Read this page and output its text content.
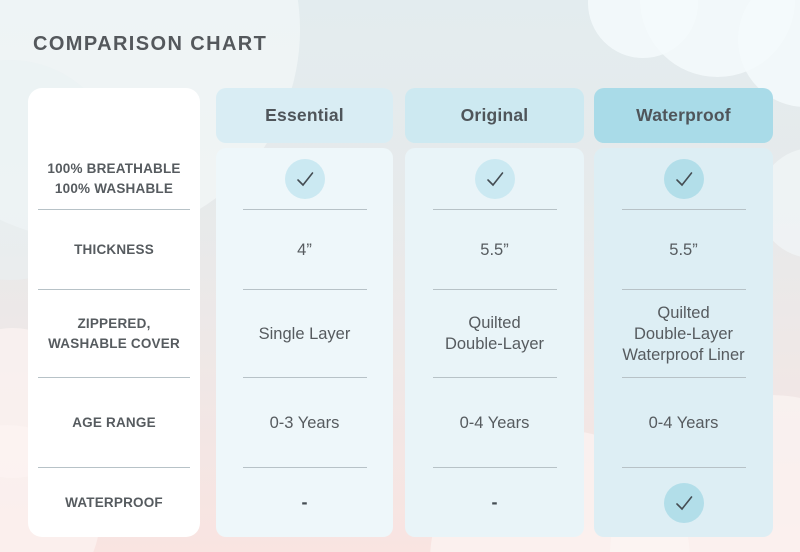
COMPARISON CHART
100% BREATHABLE
100% WASHABLE
THICKNESS
ZIPPERED,
WASHABLE COVER
AGE RANGE
WATERPROOF
Essential
4”
Single Layer
0-3 Years
-
Original
5.5”
Quilted
Double-Layer
0-4 Years
-
Waterproof
5.5”
Quilted
Double-Layer
Waterproof Liner
0-4 Years
